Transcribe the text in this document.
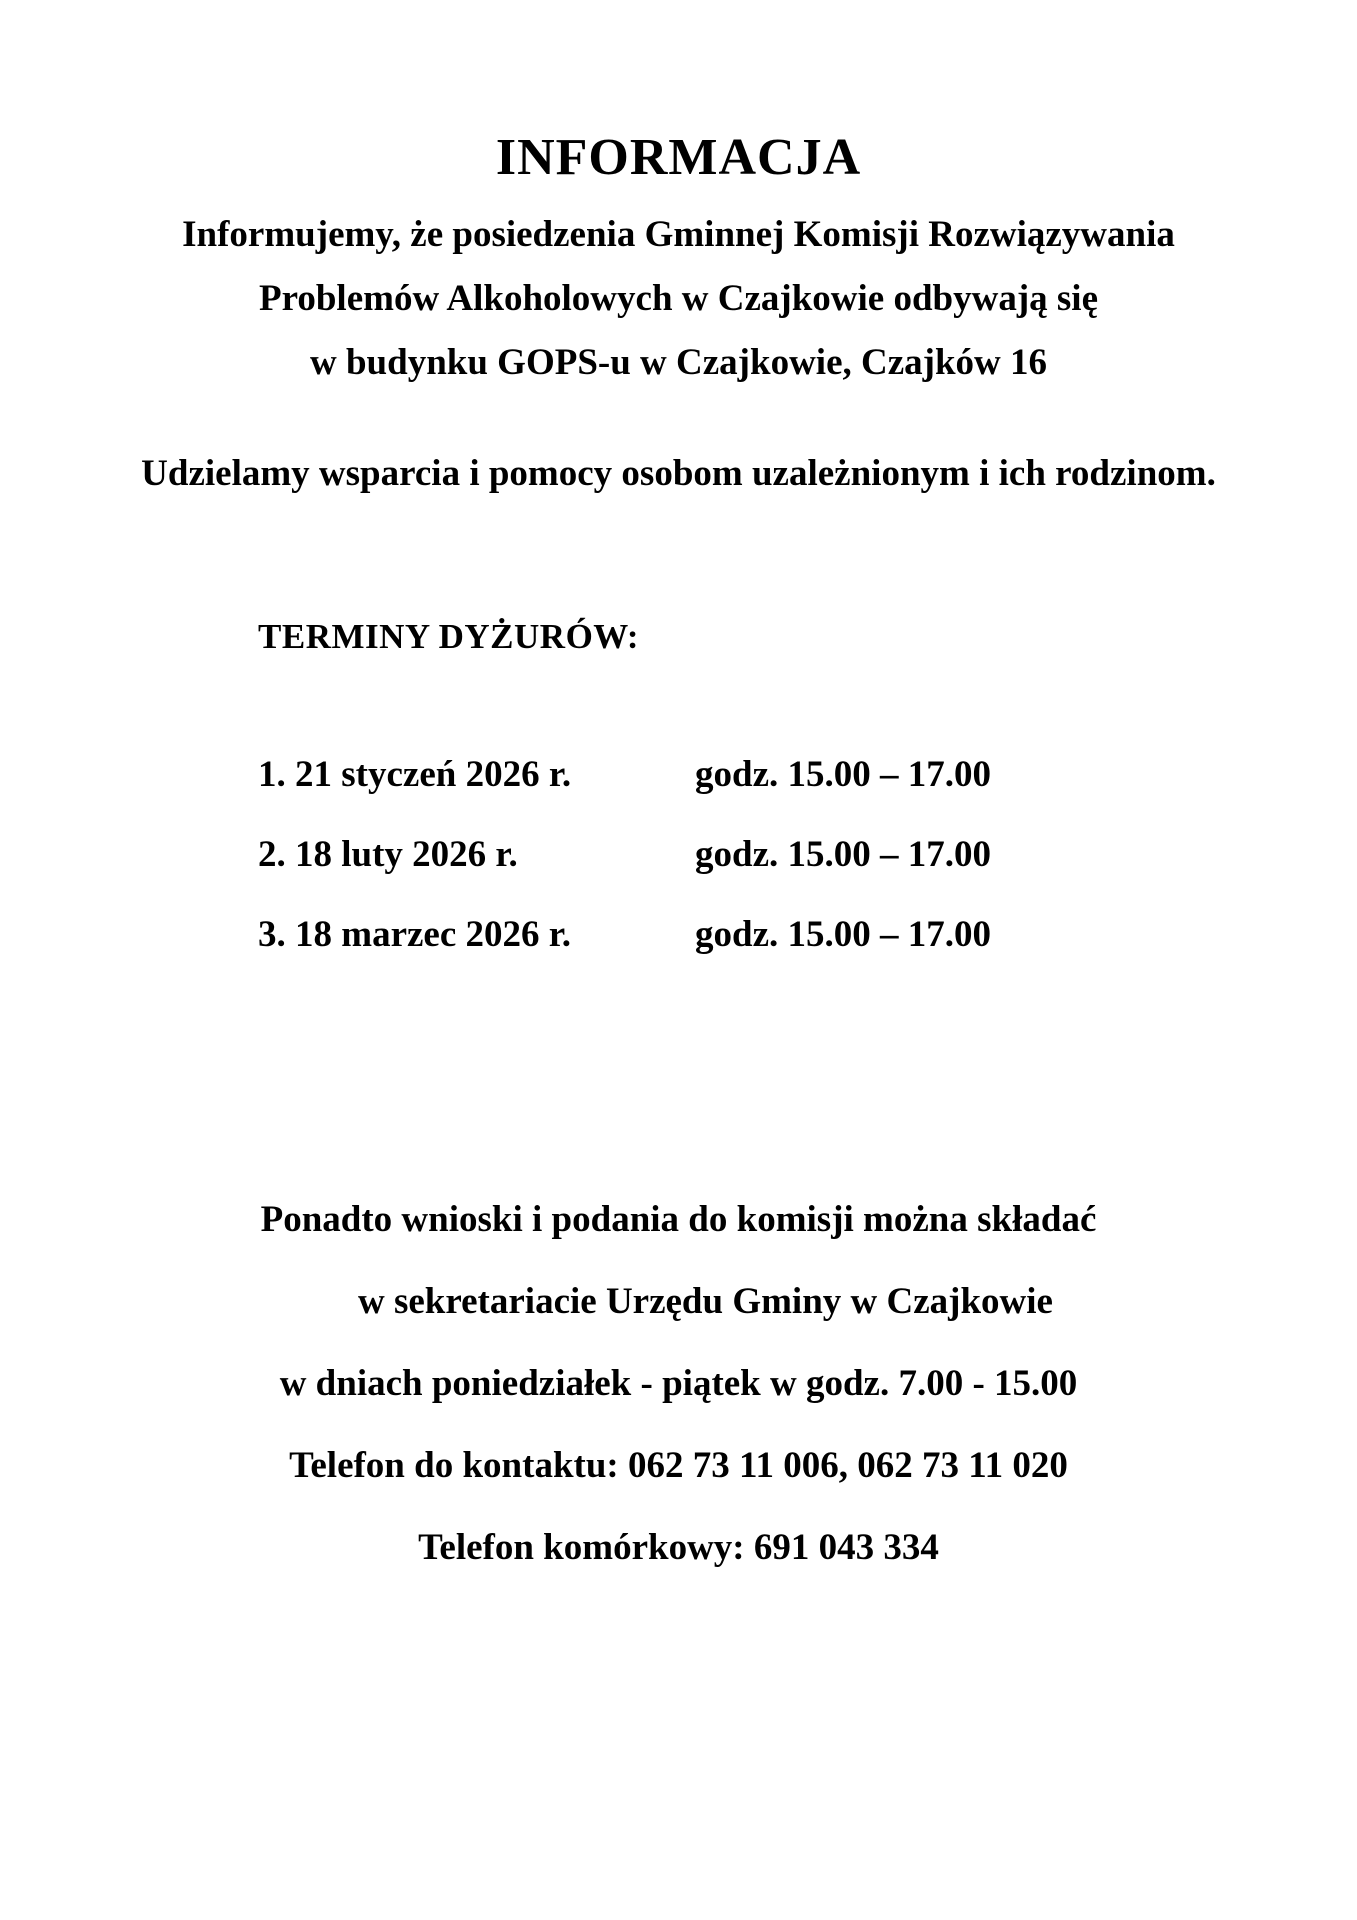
INFORMACJA
Informujemy, że posiedzenia Gminnej Komisji Rozwiązywania
Problemów Alkoholowych w Czajkowie odbywają się
w budynku GOPS-u w Czajkowie, Czajków 16
Udzielamy wsparcia i pomocy osobom uzależnionym i ich rodzinom.
TERMINY DYŻURÓW:
1. 21 styczeń 2026 r.	godz. 15.00 – 17.00
2. 18 luty 2026 r.	godz. 15.00 – 17.00
3. 18 marzec 2026 r.	godz. 15.00 – 17.00
Ponadto wnioski i podania do komisji można składać
w sekretariacie Urzędu Gminy w Czajkowie
w dniach poniedziałek - piątek w godz. 7.00 - 15.00
Telefon do kontaktu: 062 73 11 006, 062 73 11 020
Telefon komórkowy: 691 043 334
